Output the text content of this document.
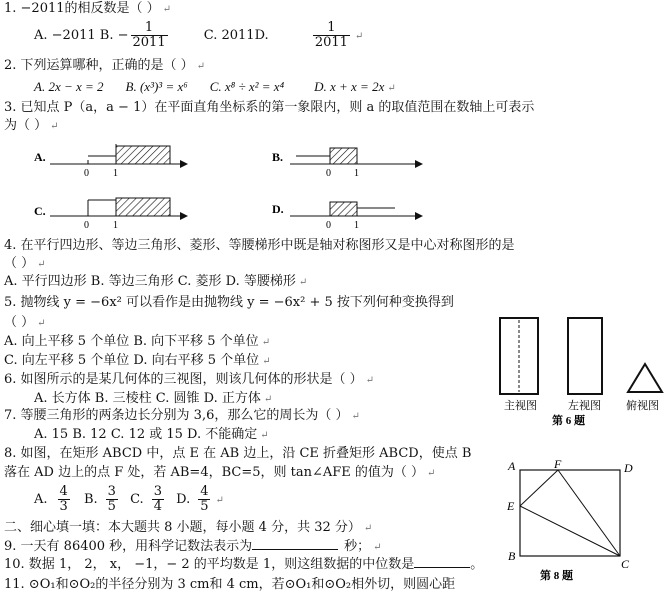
1. −2011的相反数是（ ） ↵
A. −2011 B. − $\frac{1}{2011}$	C. 2011D.	$\frac{1}{2011}$ ↵
2. 下列运算哪种，正确的是（ ） ↵
A. 2x − x = 2 B. (x³)³ = x⁶ C. x⁸ ÷ x² = x⁴ D. x + x = 2x ↵
3. 已知点 P（a，a − 1）在平面直角坐标系的第一象限内，则 a 的取值范围在数轴上可表示
为（ ） ↵
A.
0 1
B.
0 1
C.
0 1
D.
0 1
4. 在平行四边形、等边三角形、菱形、等腰梯形中既是轴对称图形又是中心对称图形的是
（ ） ↵
A. 平行四边形 B. 等边三角形 C. 菱形 D. 等腰梯形 ↵
5. 抛物线 y = −6x² 可以看作是由抛物线 y = −6x² + 5 按下列何种变换得到
（ ） ↵
A. 向上平移 5 个单位 B. 向下平移 5 个单位 ↵
C. 向左平移 5 个单位 D. 向右平移 5 个单位 ↵
主视图	左视图 俯视图
第 6 题
6. 如图所示的是某几何体的三视图，则该几何体的形状是（ ） ↵
A. 长方体 B. 三棱柱 C. 圆锥 D. 正方体 ↵
7. 等腰三角形的两条边长分别为 3,6，那么它的周长为（ ） ↵
A. 15 B. 12 C. 12 或 15 D. 不能确定 ↵
8. 如图，在矩形 ABCD 中，点 E 在 AB 边上，沿 CE 折叠矩形 ABCD，使点 B
落在 AD 边上的点 F 处，若 AB=4，BC=5，则 tan∠AFE 的值为（ ） ↵
A. $\frac{4}{3} B$. $\frac{3}{5} C$. $\frac{3}{4} D$. $\frac{4}{5}$ ↵
A	F	D
E
B
C
第 8 题
二、细心填一填：本大题共 8 小题，每小题 4 分，共 32 分） ↵
9. 一天有 86400 秒，用科学记数法表示为	秒； ↵
10. 数据 1， 2， x， −1，− 2 的平均数是 1，则这组数据的中位数是	。
11. ⊙O₁和⊙O₂的半径分别为 3 cm和 4 cm，若⊙O₁和⊙O₂相外切，则圆心距
